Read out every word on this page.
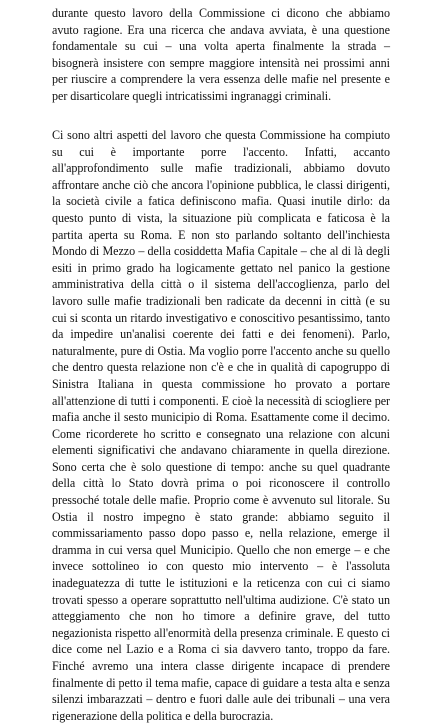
durante questo lavoro della Commissione ci dicono che abbiamo avuto ragione. Era una ricerca che andava avviata, è una questione fondamentale su cui – una volta aperta finalmente la strada – bisognerà insistere con sempre maggiore intensità nei prossimi anni per riuscire a comprendere la vera essenza delle mafie nel presente e per disarticolare quegli intricatissimi ingranaggi criminali.

Ci sono altri aspetti del lavoro che questa Commissione ha compiuto su cui è importante porre l'accento. Infatti, accanto all'approfondimento sulle mafie tradizionali, abbiamo dovuto affrontare anche ciò che ancora l'opinione pubblica, le classi dirigenti, la società civile a fatica definiscono mafia. Quasi inutile dirlo: da questo punto di vista, la situazione più complicata e faticosa è la partita aperta su Roma. E non sto parlando soltanto dell'inchiesta Mondo di Mezzo – della cosiddetta Mafia Capitale – che al di là degli esiti in primo grado ha logicamente gettato nel panico la gestione amministrativa della città o il sistema dell'accoglienza, parlo del lavoro sulle mafie tradizionali ben radicate da decenni in città (e su cui si sconta un ritardo investigativo e conoscitivo pesantissimo, tanto da impedire un'analisi coerente dei fatti e dei fenomeni). Parlo, naturalmente, pure di Ostia. Ma voglio porre l'accento anche su quello che dentro questa relazione non c'è e che in qualità di capogruppo di Sinistra Italiana in questa commissione ho provato a portare all'attenzione di tutti i componenti. E cioè la necessità di sciogliere per mafia anche il sesto municipio di Roma. Esattamente come il decimo. Come ricorderete ho scritto e consegnato una relazione con alcuni elementi significativi che andavano chiaramente in quella direzione. Sono certa che è solo questione di tempo: anche su quel quadrante della città lo Stato dovrà prima o poi riconoscere il controllo pressoché totale delle mafie. Proprio come è avvenuto sul litorale. Su Ostia il nostro impegno è stato grande: abbiamo seguito il commissariamento passo dopo passo e, nella relazione, emerge il dramma in cui versa quel Municipio. Quello che non emerge – e che invece sottolineo io con questo mio intervento – è l'assoluta inadeguatezza di tutte le istituzioni e la reticenza con cui ci siamo trovati spesso a operare soprattutto nell'ultima audizione. C'è stato un atteggiamento che non ho timore a definire grave, del tutto negazionista rispetto all'enormità della presenza criminale. E questo ci dice come nel Lazio e a Roma ci sia davvero tanto, troppo da fare. Finché avremo una intera classe dirigente incapace di prendere finalmente di petto il tema mafie, capace di guidare a testa alta e senza silenzi imbarazzati – dentro e fuori dalle aule dei tribunali – una vera rigenerazione della politica e della burocrazia.
